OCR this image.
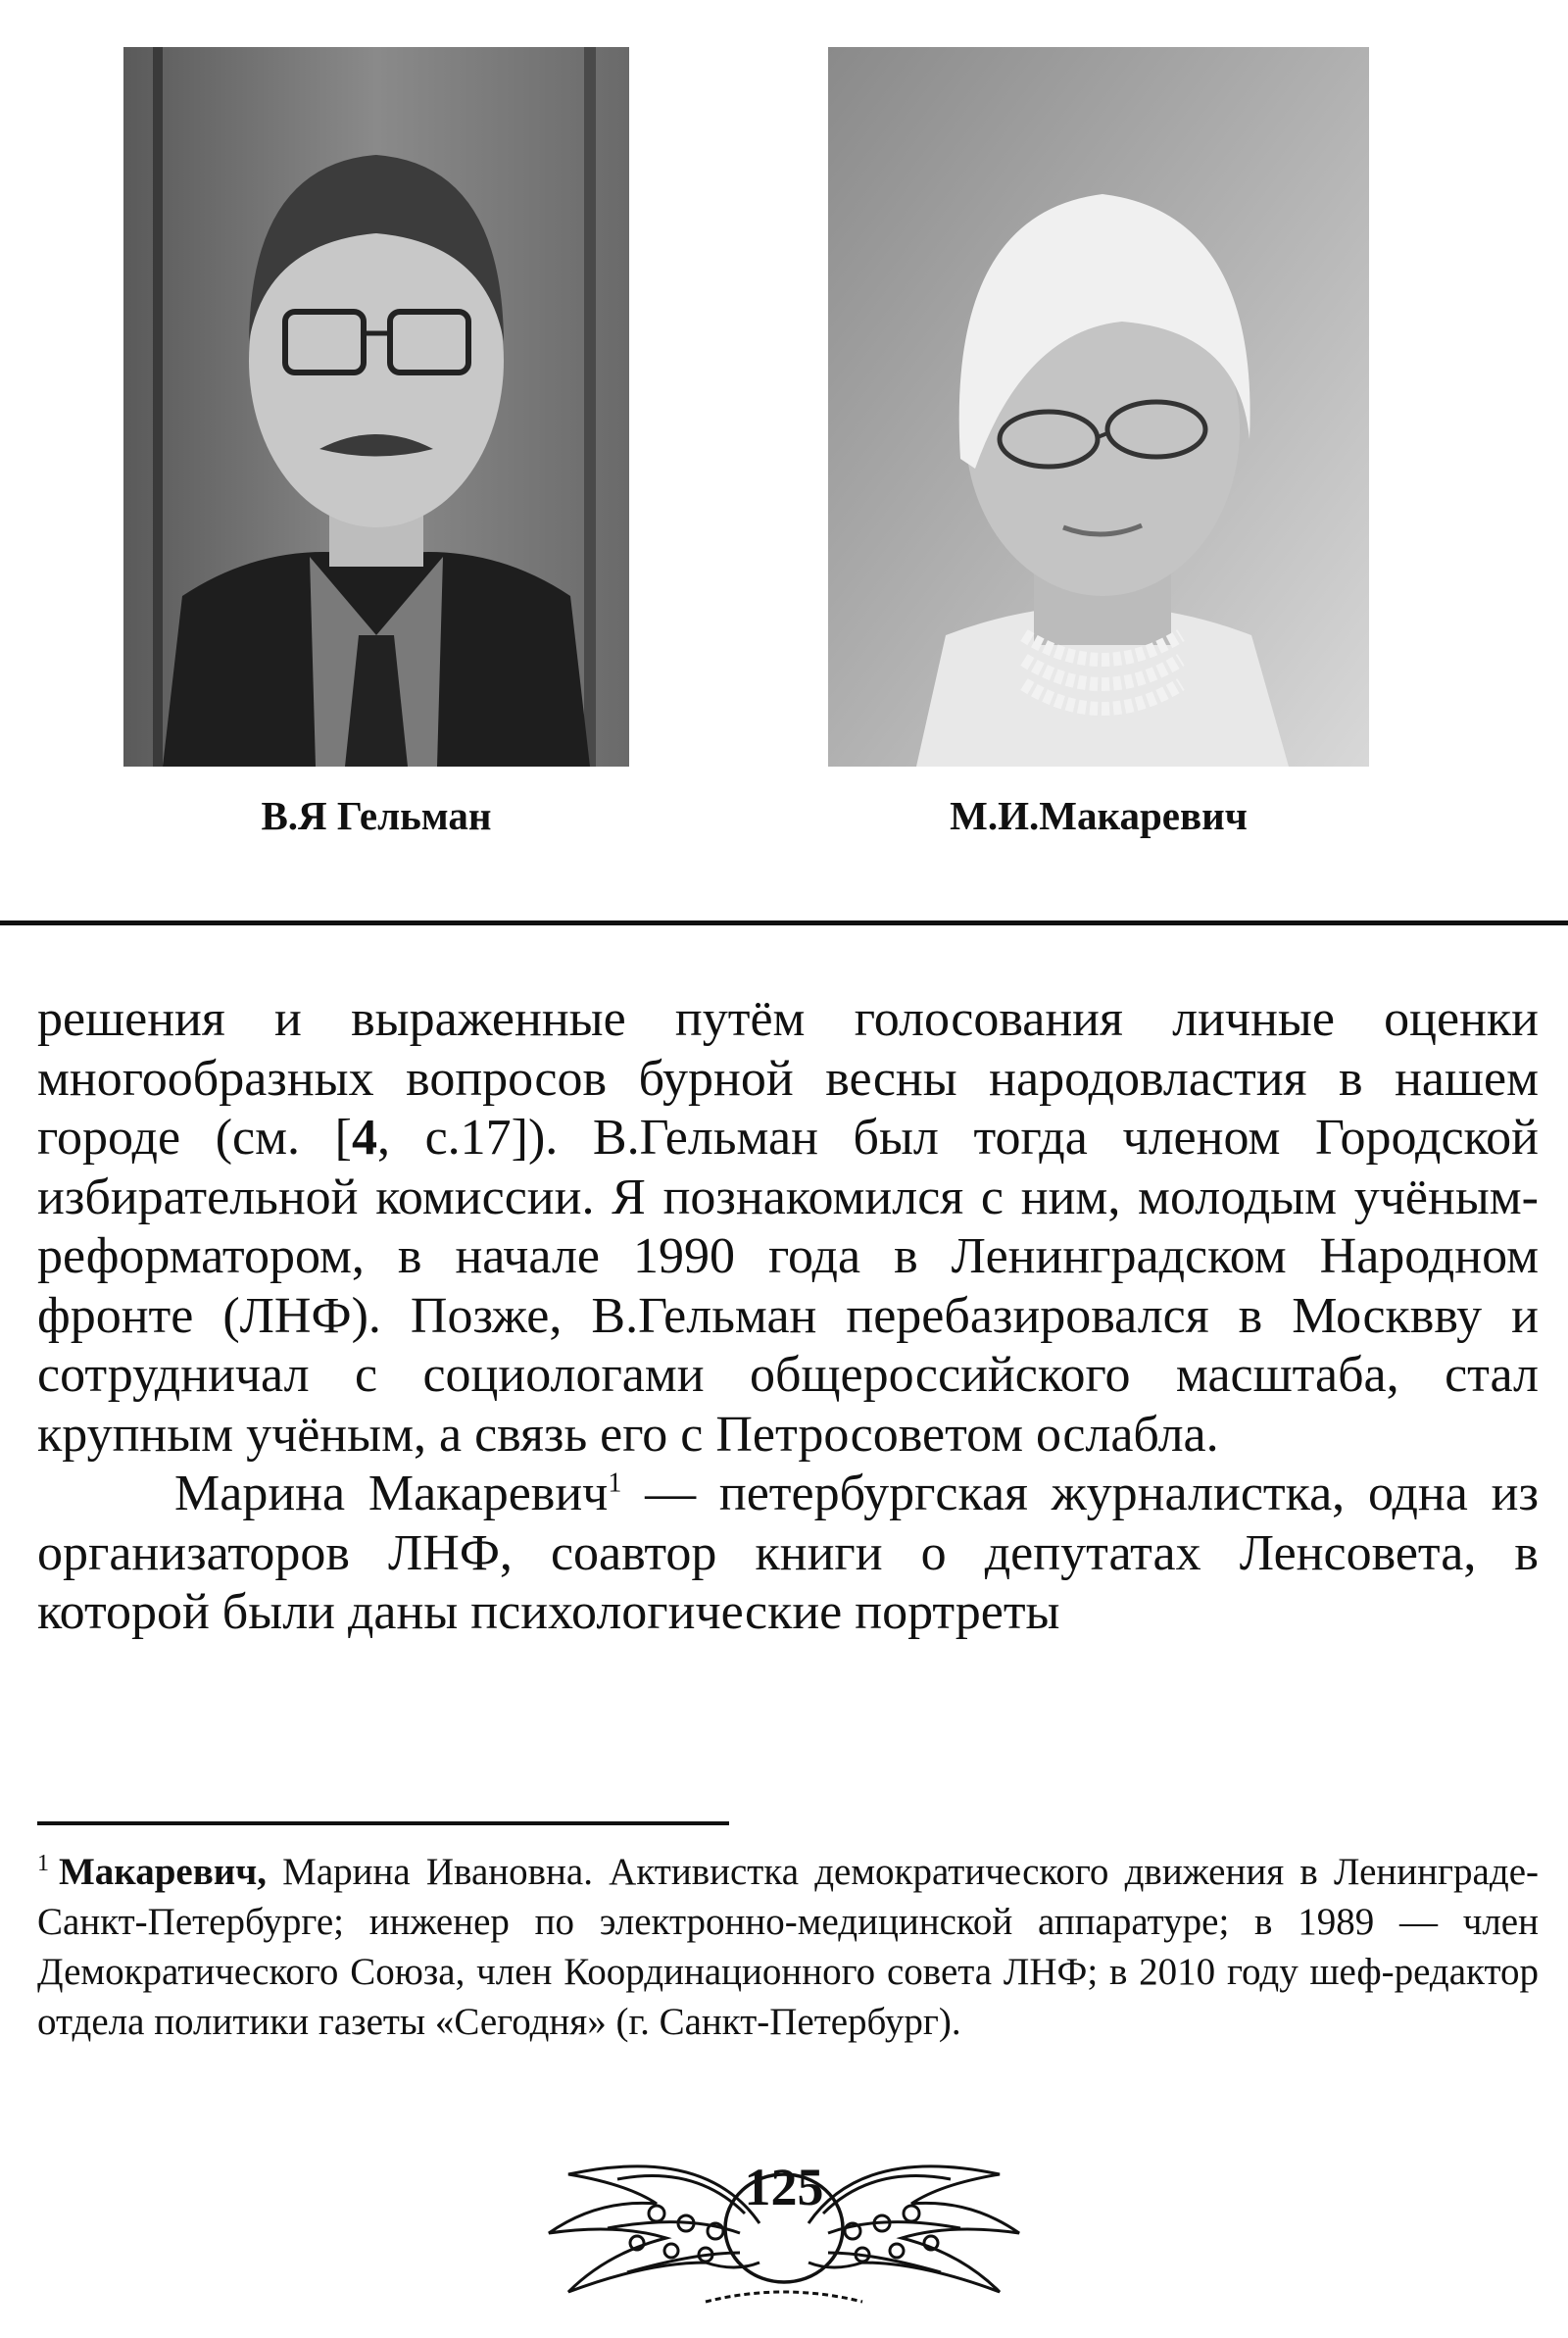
В.Я Гельман	М.И.Макаревич

решения и выраженные путём голосования личные оценки многообразных вопросов бурной весны народовластия в нашем городе (см. [4, с.17]). В.Гельман был тогда членом Городской избирательной комиссии. Я познакомился с ним, молодым учёным-реформатором, в начале 1990 года в Ленинградском Народном фронте (ЛНФ). Позже, В.Гельман перебазировался в Москвву и сотрудничал с социологами общероссийского масштаба, стал крупным учёным, а связь его с Петросоветом ослабла.

Марина Макаревич$^1$ — петербургская журналистка, одна из организаторов ЛНФ, соавтор книги о депутатах Ленсовета, в которой были даны психологические портреты

$^1$ Макаревич, Марина Ивановна. Активистка демократического движения в Ленинграде-Санкт-Петербурге; инженер по электронно-медицинской аппаратуре; в 1989 — член Демократического Союза, член Координационного совета ЛНФ; в 2010 году шеф-редактор отдела политики газеты «Сегодня» (г. Санкт-Петербург).

125
